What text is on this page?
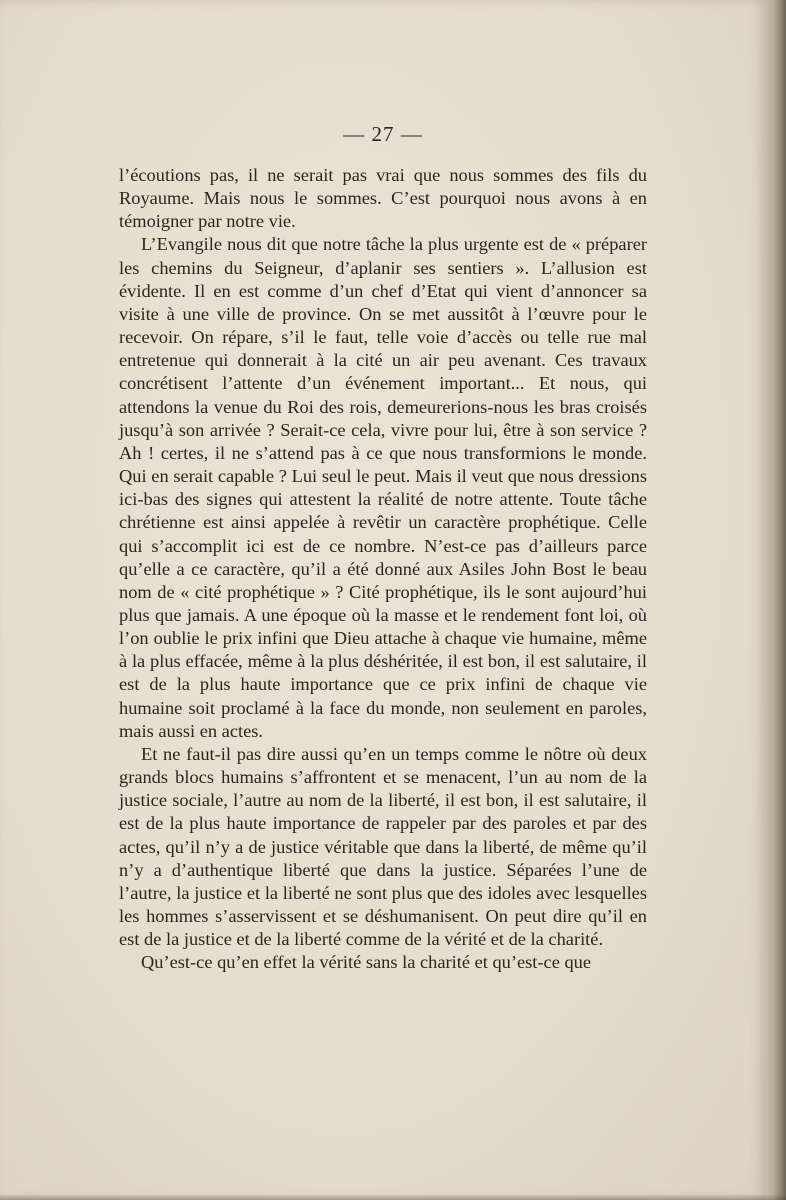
— 27 —

l’écoutions pas, il ne serait pas vrai que nous sommes des fils du Royaume. Mais nous le sommes. C’est pourquoi nous avons à en témoigner par notre vie.

L’Evangile nous dit que notre tâche la plus urgente est de « préparer les chemins du Seigneur, d’aplanir ses sentiers ». L’allusion est évidente. Il en est comme d’un chef d’Etat qui vient d’annoncer sa visite à une ville de province. On se met aussitôt à l’œuvre pour le recevoir. On répare, s’il le faut, telle voie d’accès ou telle rue mal entretenue qui donnerait à la cité un air peu avenant. Ces travaux concrétisent l’attente d’un événement important... Et nous, qui attendons la venue du Roi des rois, demeurerions-nous les bras croisés jusqu’à son arrivée ? Serait-ce cela, vivre pour lui, être à son service ? Ah ! certes, il ne s’attend pas à ce que nous transformions le monde. Qui en serait capable ? Lui seul le peut. Mais il veut que nous dressions ici-bas des signes qui attestent la réalité de notre attente. Toute tâche chrétienne est ainsi appelée à revêtir un caractère prophétique. Celle qui s’accomplit ici est de ce nombre. N’est-ce pas d’ailleurs parce qu’elle a ce caractère, qu’il a été donné aux Asiles John Bost le beau nom de « cité prophétique » ? Cité prophétique, ils le sont aujourd’hui plus que jamais. A une époque où la masse et le rendement font loi, où l’on oublie le prix infini que Dieu attache à chaque vie humaine, même à la plus effacée, même à la plus déshéritée, il est bon, il est salutaire, il est de la plus haute importance que ce prix infini de chaque vie humaine soit proclamé à la face du monde, non seulement en paroles, mais aussi en actes.

Et ne faut-il pas dire aussi qu’en un temps comme le nôtre où deux grands blocs humains s’affrontent et se menacent, l’un au nom de la justice sociale, l’autre au nom de la liberté, il est bon, il est salutaire, il est de la plus haute importance de rappeler par des paroles et par des actes, qu’il n’y a de justice véritable que dans la liberté, de même qu’il n’y a d’authentique liberté que dans la justice. Séparées l’une de l’autre, la justice et la liberté ne sont plus que des idoles avec lesquelles les hommes s’asservissent et se déshumanisent. On peut dire qu’il en est de la justice et de la liberté comme de la vérité et de la charité.

Qu’est-ce qu’en effet la vérité sans la charité et qu’est-ce que
